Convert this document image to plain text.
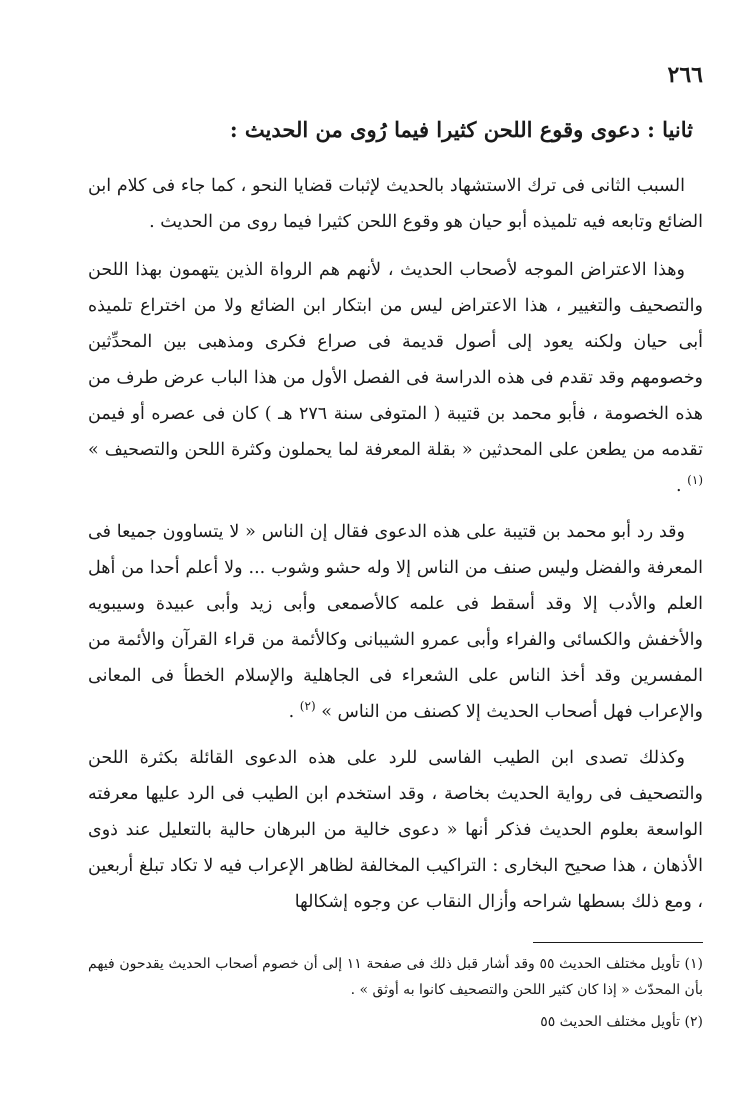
٢٦٦
ثانيا : دعوى وقوع اللحن كثيرا فيما رُوى من الحديث :

السبب الثانى فى ترك الاستشهاد بالحديث لإثبات قضايا النحو ، كما جاء فى كلام ابن الضائع وتابعه فيه تلميذه أبو حيان هو وقوع اللحن كثيرا فيما روى من الحديث .

وهذا الاعتراض الموجه لأصحاب الحديث ، لأنهم هم الرواة الذين يتهمون بهذا اللحن والتصحيف والتغيير ، هذا الاعتراض ليس من ابتكار ابن الضائع ولا من اختراع تلميذه أبى حيان ولكنه يعود إلى أصول قديمة فى صراع فكرى ومذهبى بين المحدِّثين وخصومهم وقد تقدم فى هذه الدراسة فى الفصل الأول من هذا الباب عرض طرف من هذه الخصومة ، فأبو محمد بن قتيبة ( المتوفى سنة ٢٧٦ هـ ) كان فى عصره أو فيمن تقدمه من يطعن على المحدثين « بقلة المعرفة لما يحملون وكثرة اللحن والتصحيف » $^{(١)}$ .

وقد رد أبو محمد بن قتيبة على هذه الدعوى فقال إن الناس « لا يتساوون جميعا فى المعرفة والفضل وليس صنف من الناس إلا وله حشو وشوب ... ولا أعلم أحدا من أهل العلم والأدب إلا وقد أسقط فى علمه كالأصمعى وأبى زيد وأبى عبيدة وسيبويه والأخفش والكسائى والفراء وأبى عمرو الشيبانى وكالأئمة من قراء القرآن والأئمة من المفسرين وقد أخذ الناس على الشعراء فى الجاهلية والإسلام الخطأ فى المعانى والإعراب فهل أصحاب الحديث إلا كصنف من الناس » $^{(٢)}$ .

وكذلك تصدى ابن الطيب الفاسى للرد على هذه الدعوى القائلة بكثرة اللحن والتصحيف فى رواية الحديث بخاصة ، وقد استخدم ابن الطيب فى الرد عليها معرفته الواسعة بعلوم الحديث فذكر أنها « دعوى خالية من البرهان حالية بالتعليل عند ذوى الأذهان ، هذا صحيح البخارى : التراكيب المخالفة لظاهر الإعراب فيه لا تكاد تبلغ أربعين ، ومع ذلك بسطها شراحه وأزال النقاب عن وجوه إشكالها

(١) تأويل مختلف الحديث ٥٥ وقد أشار قبل ذلك فى صفحة ١١ إلى أن خصوم أصحاب الحديث يقدحون فيهم بأن المحدّث « إذا كان كثير اللحن والتصحيف كانوا به أوثق » .

(٢) تأويل مختلف الحديث ٥٥
